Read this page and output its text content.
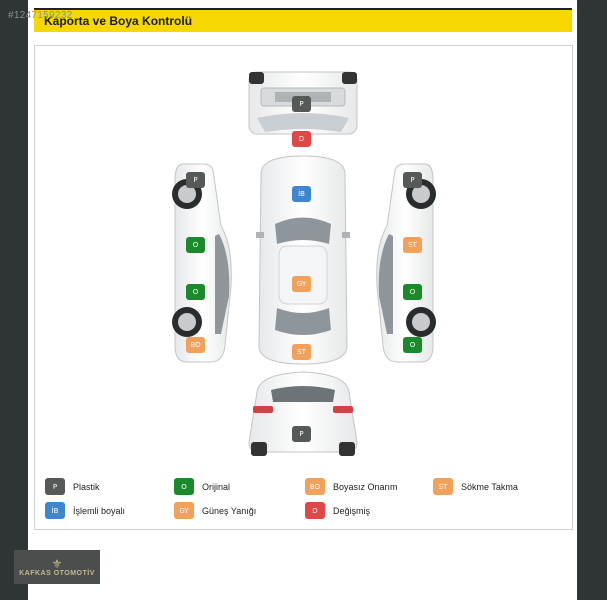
Kaporta ve Boya Kontrolü
P
D
İB
GY
ST
P
P
O
O
BO
P
ST
O
O
P	Plastik	O	Orijinal	BO	Boyasız Onarım	ST	Sökme Takma
İB	İşlemli boyalı	GY	Güneş Yanığı	D	Değişmiş
#1247159232
⚜
KAFKAS OTOMOTİV
